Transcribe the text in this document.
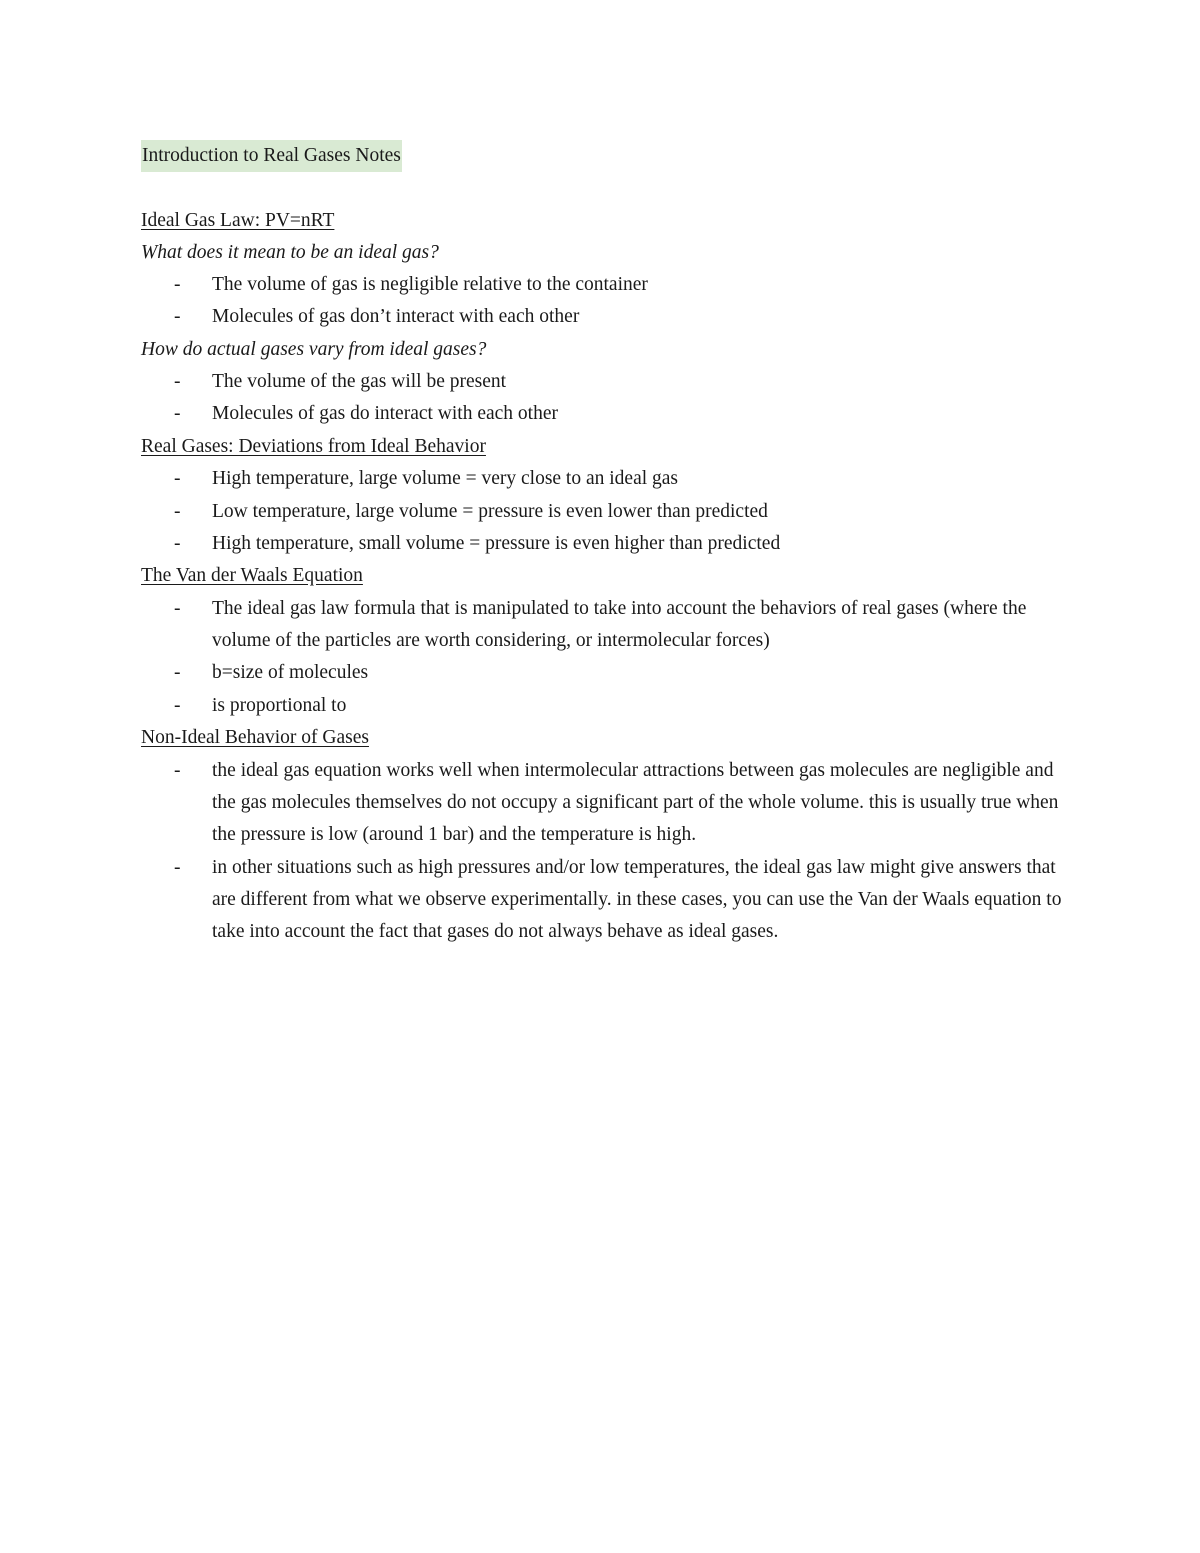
Introduction to Real Gases Notes
Ideal Gas Law: PV=nRT
What does it mean to be an ideal gas?
- The volume of gas is negligible relative to the container
- Molecules of gas don’t interact with each other
How do actual gases vary from ideal gases?
- The volume of the gas will be present
- Molecules of gas do interact with each other
Real Gases: Deviations from Ideal Behavior
- High temperature, large volume = very close to an ideal gas
- Low temperature, large volume = pressure is even lower than predicted
- High temperature, small volume = pressure is even higher than predicted
The Van der Waals Equation
- The ideal gas law formula that is manipulated to take into account the behaviors of real gases (where the volume of the particles are worth considering, or intermolecular forces)
- b=size of molecules
- is proportional to
Non-Ideal Behavior of Gases
- the ideal gas equation works well when intermolecular attractions between gas molecules are negligible and the gas molecules themselves do not occupy a significant part of the whole volume. this is usually true when the pressure is low (around 1 bar) and the temperature is high.
- in other situations such as high pressures and/or low temperatures, the ideal gas law might give answers that are different from what we observe experimentally. in these cases, you can use the Van der Waals equation to take into account the fact that gases do not always behave as ideal gases.
